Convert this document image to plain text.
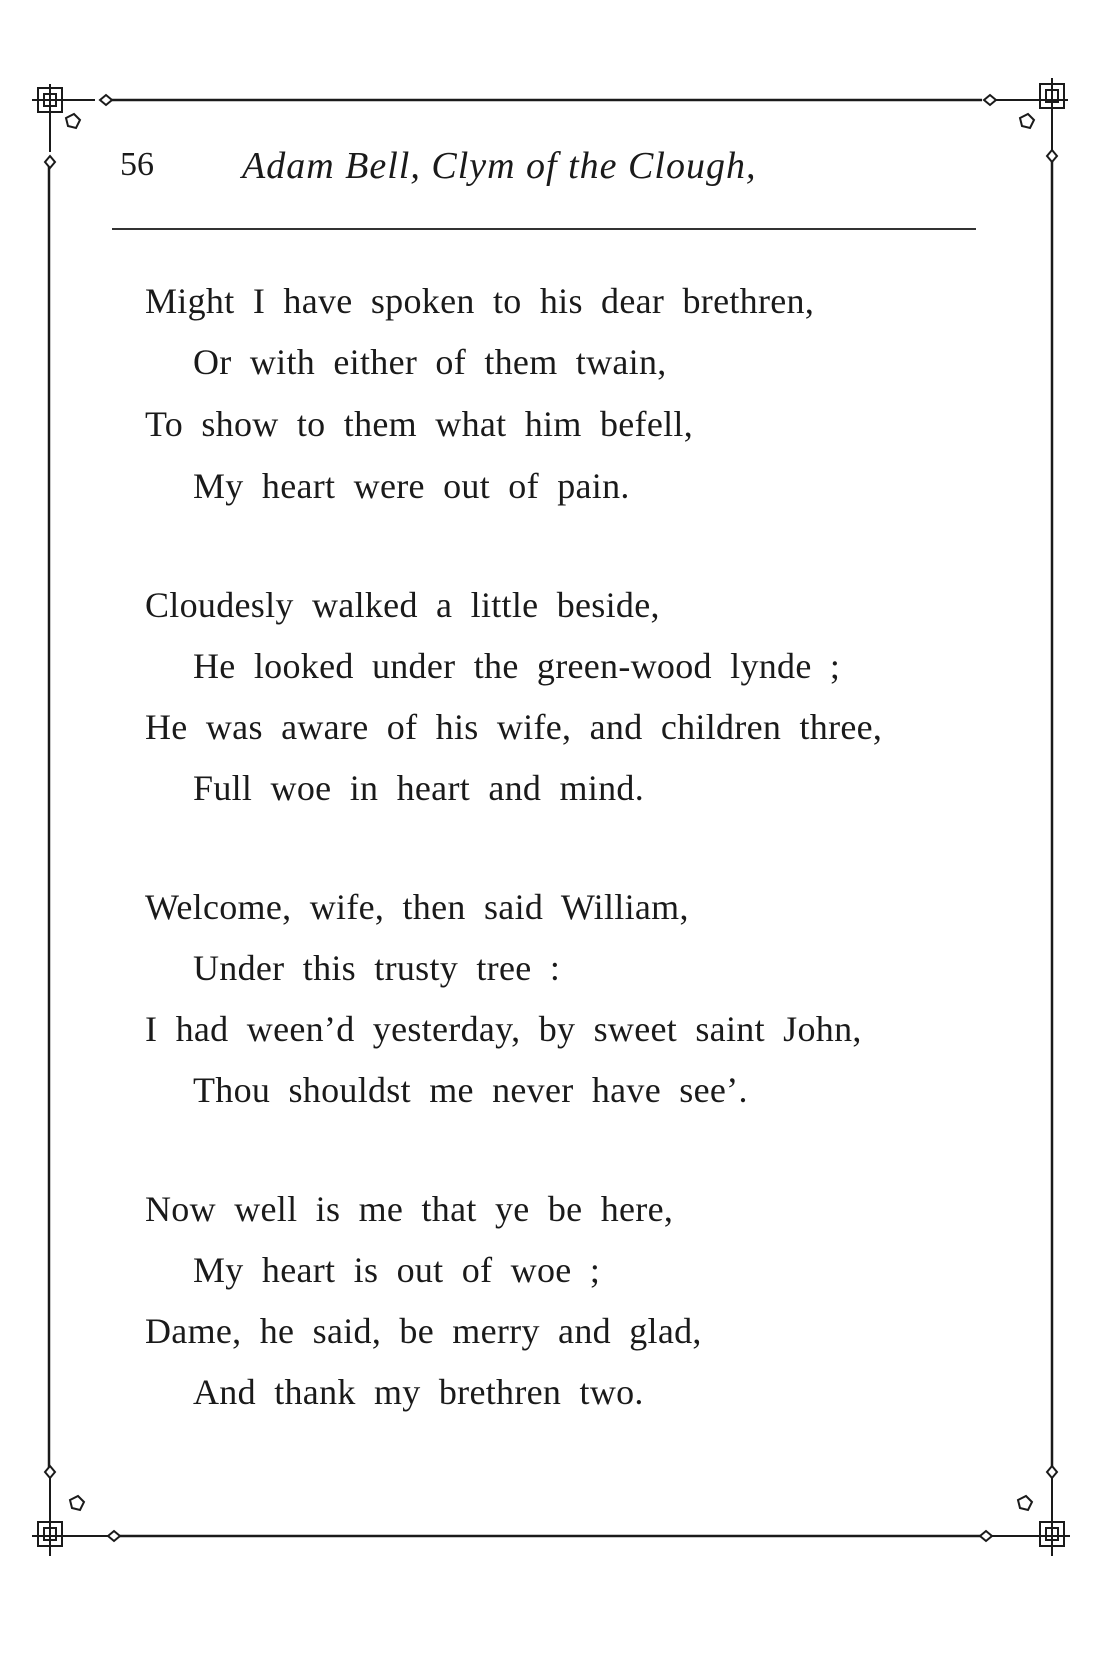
56 Adam Bell, Clym of the Clough,
Might I have spoken to his dear brethren,
Or with either of them twain,
To show to them what him befell,
My heart were out of pain.
Cloudesly walked a little beside,
He looked under the green-wood lynde ;
He was aware of his wife, and children three,
Full woe in heart and mind.
Welcome, wife, then said William,
Under this trusty tree :
I had ween’d yesterday, by sweet saint John,
Thou shouldst me never have see’.
Now well is me that ye be here,
My heart is out of woe ;
Dame, he said, be merry and glad,
And thank my brethren two.
